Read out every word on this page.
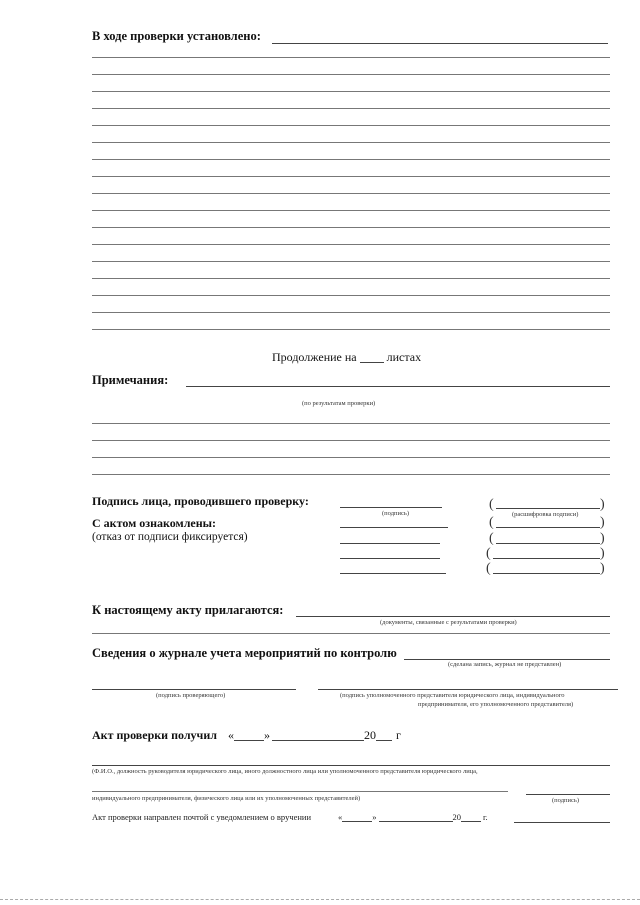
В ходе проверки установлено:
Продолжение на	листах
Примечания:
(по результатам проверки)
Подпись лица, проводившего проверку:
(подпись)
(	)
(расшифровка подписи)
С актом ознакомлены:
(отказ от подписи фиксируется)
(	)
(	)
(	)
(	)
К настоящему акту прилагаются:
(документы, связанные с результатами проверки)
Сведения о журнале учета мероприятий по контролю
(сделана запись, журнал не представлен)
(подпись проверяющего)	(подпись уполномоченного представителя юридического лица, индивидуального
предпринимателя, его уполномоченного представителя)
Акт проверки получил «	»	20 г
(Ф.И.О., должность руководителя юридического лица, иного должностного лица или уполномоченного представителя юридического лица,
индивидуального предпринимателя, физического лица или их уполномоченных представителей)	(подпись)
Акт проверки направлен почтой с уведомлением о вручении	«	»	20	г.
